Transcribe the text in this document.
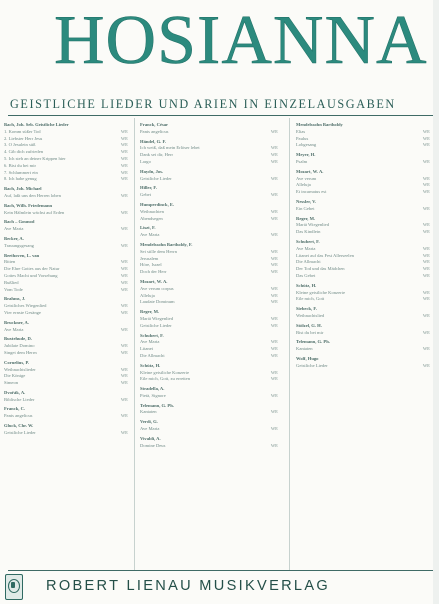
HOSIANNA
GEISTLICHE LIEDER UND ARIEN IN EINZELAUSGABEN
Bach, Joh. Seb. Geistliche Lieder
1. Komm süßer Tod	WE
2. Liebster Herr Jesu	WE
3. O Jesulein süß	WE
4. Gib dich zufrieden	WE
5. Ich steh an deiner Krippen hier	WE
6. Bist du bei mir	WE
7. Schlummert ein	WE
8. Ich habe genug	WE
Bach, Joh. Michael
Auf, laßt uns den Herren loben	WE
Bach, Wilh. Friedemann
Kein Hälmlein wächst auf Erden	WE
Bach – Gounod
Ave Maria	WE
Becker, A.
Trauungsgesang	WE
Beethoven, L. van
Bitten	WE
Die Ehre Gottes aus der Natur	WE
Gottes Macht und Vorsehung	WE
Bußlied	WE
Vom Tode	WE
Brahms, J.
Geistliches Wiegenlied	WE
Vier ernste Gesänge	WE
Bruckner, A.
Ave Maria	WE
Buxtehude, D.
Jubilate Domino	WE
Singet dem Herrn	WE
Cornelius, P.
Weihnachtslieder	WE
Die Könige	WE
Simeon	WE
Dvořák, A.
Biblische Lieder	WE
Franck, C.
Panis angelicus	WE
Gluck, Chr. W.
Geistliche Lieder	WE
Franck, César
Panis angelicus	WE
Händel, G. F.
Ich weiß, daß mein Erlöser lebet	WE
Dank sei dir, Herr	WE
Largo	WE
Haydn, Jos.
Geistliche Lieder	WE
Hiller, F.
Gebet	WE
Humperdinck, E.
Weihnachten	WE
Abendsegen	WE
Liszt, F.
Ave Maria	WE
Mendelssohn Bartholdy, F.
Sei stille dem Herrn	WE
Jerusalem	WE
Höre, Israel	WE
Doch der Herr	WE
Mozart, W. A.
Ave verum corpus	WE
Alleluja	WE
Laudate Dominum	WE
Reger, M.
Mariä Wiegenlied	WE
Geistliche Lieder	WE
Schubert, F.
Ave Maria	WE
Litanei	WE
Die Allmacht	WE
Schütz, H.
Kleine geistliche Konzerte	WE
Eile mich, Gott, zu erretten	WE
Stradella, A.
Pietà, Signore	WE
Telemann, G. Ph.
Kantaten	WE
Verdi, G.
Ave Maria	WE
Vivaldi, A.
Domine Deus	WE
Mendelssohn Bartholdy
Elias	WE
Paulus	WE
Lobgesang	WE
Meyer, H.
Psalm	WE
Mozart, W. A.
Ave verum	WE
Alleluja	WE
Et incarnatus est	WE
Nessler, V.
Ein Gebet	WE
Reger, M.
Mariä Wiegenlied	WE
Das Kindlein	WE
Schubert, F.
Ave Maria	WE
Litanei auf das Fest Allerseelen	WE
Die Allmacht	WE
Der Tod und das Mädchen	WE
Das Gebet	WE
Schütz, H.
Kleine geistliche Konzerte	WE
Eile mich, Gott	WE
Siebeck, F.
Weihnachtslied	WE
Stölzel, G. H.
Bist du bei mir	WE
Telemann, G. Ph.
Kantaten	WE
Wolf, Hugo
Geistliche Lieder	WE
ROBERT LIENAU MUSIKVERLAG
